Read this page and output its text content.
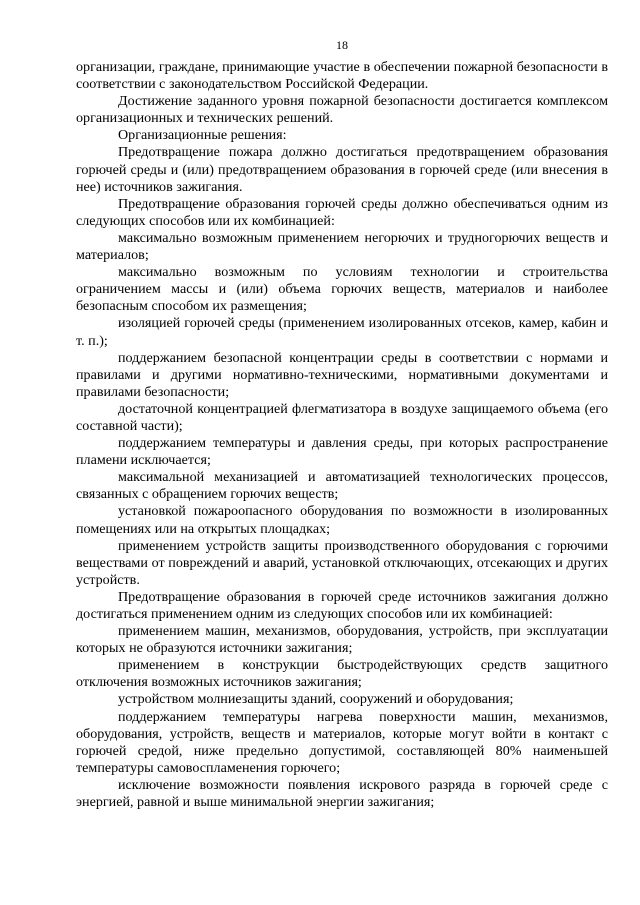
18

организации, граждане, принимающие участие в обеспечении пожарной безопасности в соответствии с законодательством Российской Федерации.

Достижение заданного уровня пожарной безопасности достигается комплексом организационных и технических решений.

Организационные решения:

Предотвращение пожара должно достигаться предотвращением образования горючей среды и (или) предотвращением образования в горючей среде (или внесения в нее) источников зажигания.

Предотвращение образования горючей среды должно обеспечиваться одним из следующих способов или их комбинацией:

максимально возможным применением негорючих и трудногорючих веществ и материалов;

максимально возможным по условиям технологии и строительства ограничением массы и (или) объема горючих веществ, материалов и наиболее безопасным способом их размещения;

изоляцией горючей среды (применением изолированных отсеков, камер, кабин и т. п.);

поддержанием безопасной концентрации среды в соответствии с нормами и правилами и другими нормативно-техническими, нормативными документами и правилами безопасности;

достаточной концентрацией флегматизатора в воздухе защищаемого объема (его составной части);

поддержанием температуры и давления среды, при которых распространение пламени исключается;

максимальной механизацией и автоматизацией технологических процессов, связанных с обращением горючих веществ;

установкой пожароопасного оборудования по возможности в изолированных помещениях или на открытых площадках;

применением устройств защиты производственного оборудования с горючими веществами от повреждений и аварий, установкой отключающих, отсекающих и других устройств.

Предотвращение образования в горючей среде источников зажигания должно достигаться применением одним из следующих способов или их комбинацией:

применением машин, механизмов, оборудования, устройств, при эксплуатации которых не образуются источники зажигания;

применением в конструкции быстродействующих средств защитного отключения возможных источников зажигания;

устройством молниезащиты зданий, сооружений и оборудования;

поддержанием температуры нагрева поверхности машин, механизмов, оборудования, устройств, веществ и материалов, которые могут войти в контакт с горючей средой, ниже предельно допустимой, составляющей 80% наименьшей температуры самовоспламенения горючего;

исключение возможности появления искрового разряда в горючей среде с энергией, равной и выше минимальной энергии зажигания;
